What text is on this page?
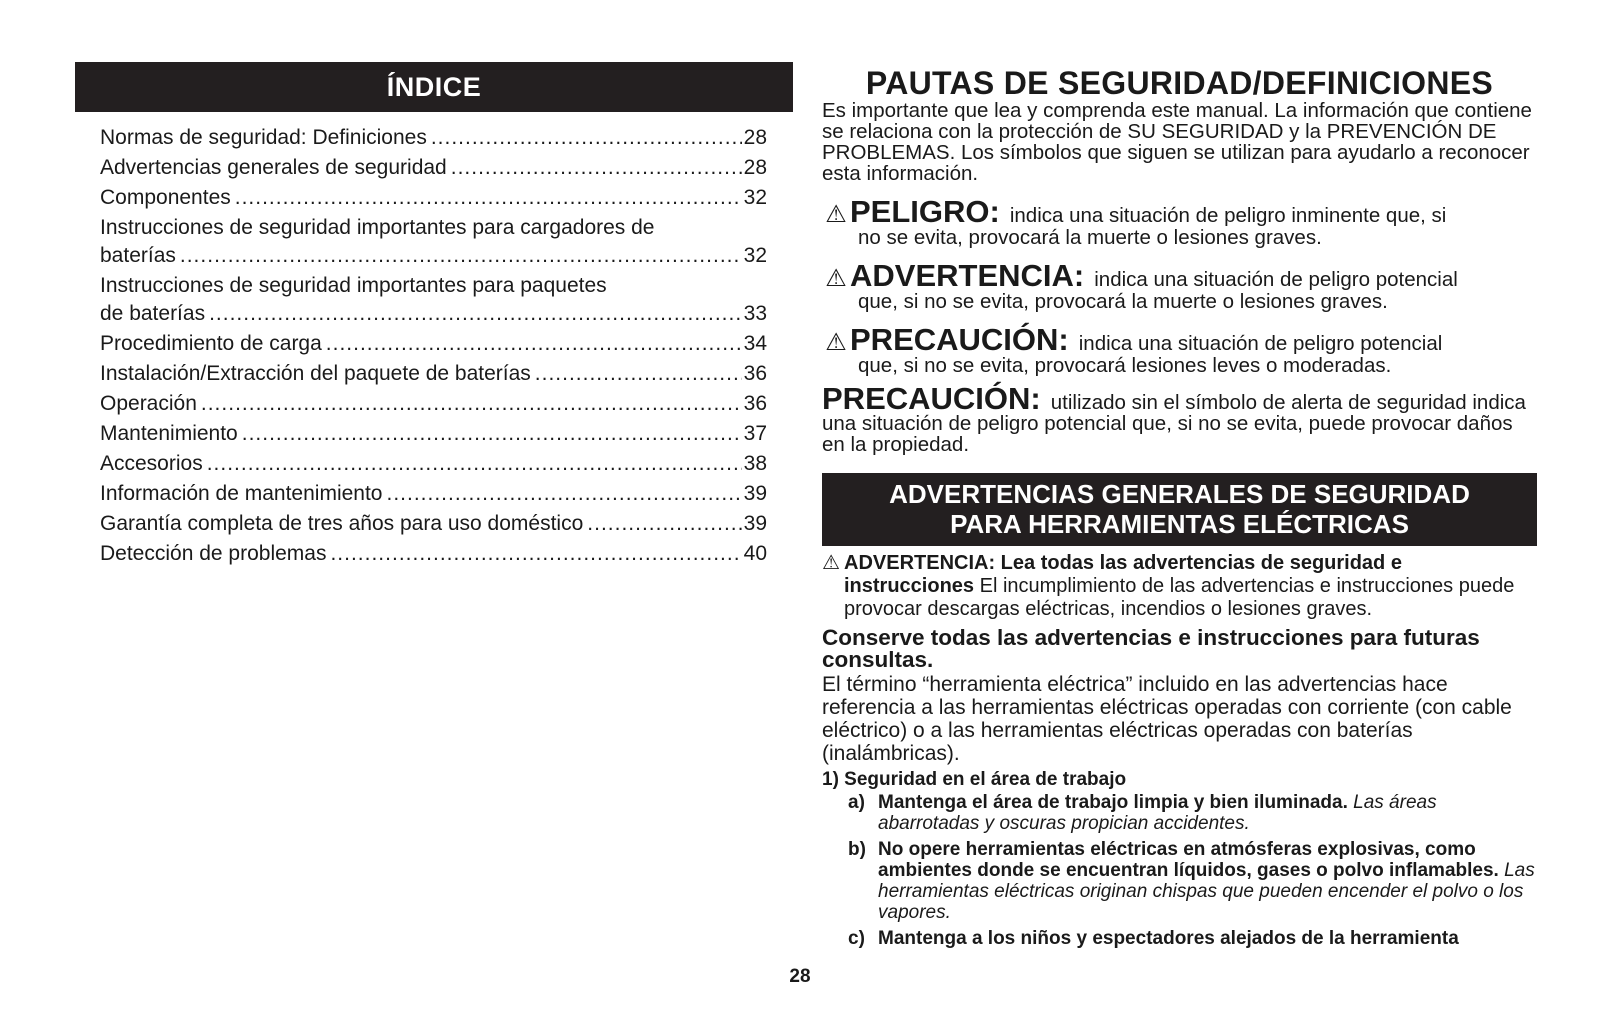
ÍNDICE
Normas de seguridad: Definiciones .....	28
Advertencias generales de seguridad .....	28
Componentes .....	32
Instrucciones de seguridad importantes para cargadores de
baterías .....	32
Instrucciones de seguridad importantes para paquetes
de baterías .....	33
Procedimiento de carga .....	34
Instalación/Extracción del paquete de baterías .....	36
Operación .....	36
Mantenimiento .....	37
Accesorios .....	38
Información de mantenimiento .....	39
Garantía completa de tres años para uso doméstico .....	39
Detección de problemas .....	40
PAUTAS DE SEGURIDAD/DEFINICIONES

Es importante que lea y comprenda este manual. La información que contiene se relaciona con la protección de SU SEGURIDAD y la PREVENCIÓN DE PROBLEMAS. Los símbolos que siguen se utilizan para ayudarlo a reconocer esta información.

⚠ PELIGRO: indica una situación de peligro inminente que, si
no se evita, provocará la muerte o lesiones graves.
⚠ ADVERTENCIA: indica una situación de peligro potencial
que, si no se evita, provocará la muerte o lesiones graves.
⚠ PRECAUCIÓN: indica una situación de peligro potencial
que, si no se evita, provocará lesiones leves o moderadas.
PRECAUCIÓN: utilizado sin el símbolo de alerta de seguridad indica una situación de peligro potencial que, si no se evita, puede provocar daños en la propiedad.
ADVERTENCIAS GENERALES DE SEGURIDAD
PARA HERRAMIENTAS ELÉCTRICAS
⚠ ADVERTENCIA: Lea todas las advertencias de seguridad e
instrucciones El incumplimiento de las advertencias e instrucciones puede provocar descargas eléctricas, incendios o lesiones graves.
Conserve todas las advertencias e instrucciones para futuras consultas.
El término “herramienta eléctrica” incluido en las advertencias hace referencia a las herramientas eléctricas operadas con corriente (con cable eléctrico) o a las herramientas eléctricas operadas con baterías (inalámbricas).
1) Seguridad en el área de trabajo
a) Mantenga el área de trabajo limpia y bien iluminada. Las áreas abarrotadas y oscuras propician accidentes.
b) No opere herramientas eléctricas en atmósferas explosivas, como ambientes donde se encuentran líquidos, gases o polvo inflamables. Las herramientas eléctricas originan chispas que pueden encender el polvo o los vapores.
c) Mantenga a los niños y espectadores alejados de la herramienta
28
